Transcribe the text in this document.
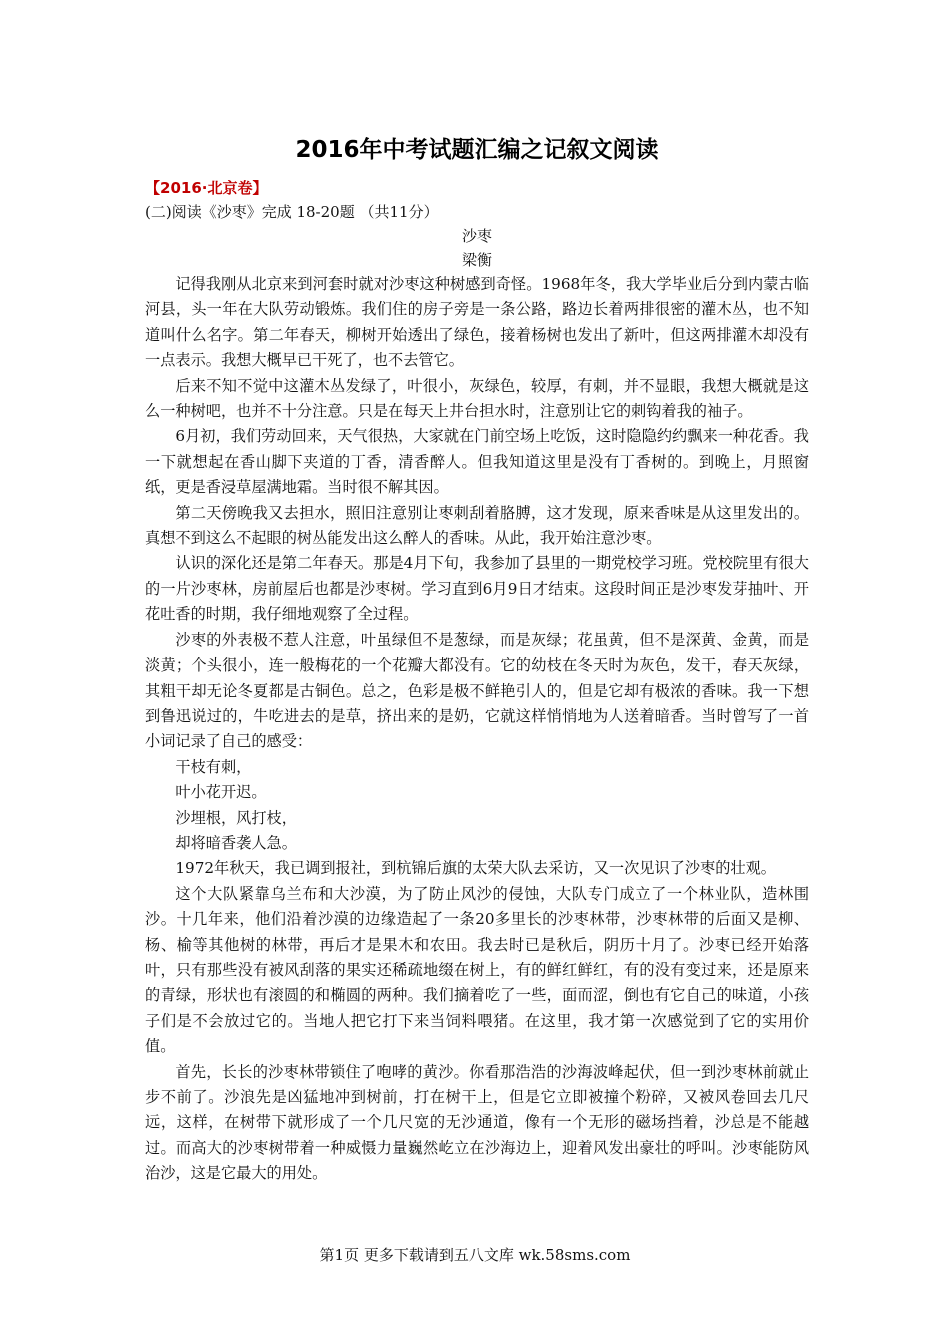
2016年中考试题汇编之记叙文阅读
【2016·北京卷】

(二)阅读《沙枣》完成 18-20题 （共11分）

沙枣

梁衡

记得我刚从北京来到河套时就对沙枣这种树感到奇怪。1968年冬，我大学毕业后分到内蒙古临河县，头一年在大队劳动锻炼。我们住的房子旁是一条公路，路边长着两排很密的灌木丛，也不知道叫什么名字。第二年春天，柳树开始透出了绿色，接着杨树也发出了新叶，但这两排灌木却没有一点表示。我想大概早已干死了，也不去管它。

后来不知不觉中这灌木丛发绿了，叶很小，灰绿色，较厚，有刺，并不显眼，我想大概就是这么一种树吧，也并不十分注意。只是在每天上井台担水时，注意别让它的刺钩着我的袖子。

6月初，我们劳动回来，天气很热，大家就在门前空场上吃饭，这时隐隐约约飘来一种花香。我一下就想起在香山脚下夹道的丁香，清香醉人。但我知道这里是没有丁香树的。到晚上，月照窗纸，更是香浸草屋满地霜。当时很不解其因。

第二天傍晚我又去担水，照旧注意别让枣刺刮着胳膊，这才发现，原来香味是从这里发出的。真想不到这么不起眼的树丛能发出这么醉人的香味。从此，我开始注意沙枣。

认识的深化还是第二年春天。那是4月下旬，我参加了县里的一期党校学习班。党校院里有很大的一片沙枣林，房前屋后也都是沙枣树。学习直到6月9日才结束。这段时间正是沙枣发芽抽叶、开花吐香的时期，我仔细地观察了全过程。

沙枣的外表极不惹人注意，叶虽绿但不是葱绿，而是灰绿；花虽黄，但不是深黄、金黄，而是淡黄；个头很小，连一般梅花的一个花瓣大都没有。它的幼枝在冬天时为灰色，发干，春天灰绿，其粗干却无论冬夏都是古铜色。总之，色彩是极不鲜艳引人的，但是它却有极浓的香味。我一下想到鲁迅说过的，牛吃进去的是草，挤出来的是奶，它就这样悄悄地为人送着暗香。当时曾写了一首小词记录了自己的感受：

干枝有刺，

叶小花开迟。

沙埋根，风打枝，

却将暗香袭人急。

1972年秋天，我已调到报社，到杭锦后旗的太荣大队去采访，又一次见识了沙枣的壮观。

这个大队紧靠乌兰布和大沙漠，为了防止风沙的侵蚀，大队专门成立了一个林业队，造林围沙。十几年来，他们沿着沙漠的边缘造起了一条20多里长的沙枣林带，沙枣林带的后面又是柳、杨、榆等其他树的林带，再后才是果木和农田。我去时已是秋后，阴历十月了。沙枣已经开始落叶，只有那些没有被风刮落的果实还稀疏地缀在树上，有的鲜红鲜红，有的没有变过来，还是原来的青绿，形状也有滚圆的和椭圆的两种。我们摘着吃了一些，面而涩，倒也有它自己的味道，小孩子们是不会放过它的。当地人把它打下来当饲料喂猪。在这里，我才第一次感觉到了它的实用价值。

首先，长长的沙枣林带锁住了咆哮的黄沙。你看那浩浩的沙海波峰起伏，但一到沙枣林前就止步不前了。沙浪先是凶猛地冲到树前，打在树干上，但是它立即被撞个粉碎，又被风卷回去几尺远，这样，在树带下就形成了一个几尺宽的无沙通道，像有一个无形的磁场挡着，沙总是不能越过。而高大的沙枣树带着一种威慑力量巍然屹立在沙海边上，迎着风发出豪壮的呼叫。沙枣能防风治沙，这是它最大的用处。

第1页 更多下载请到五八文库 wk.58sms.com
